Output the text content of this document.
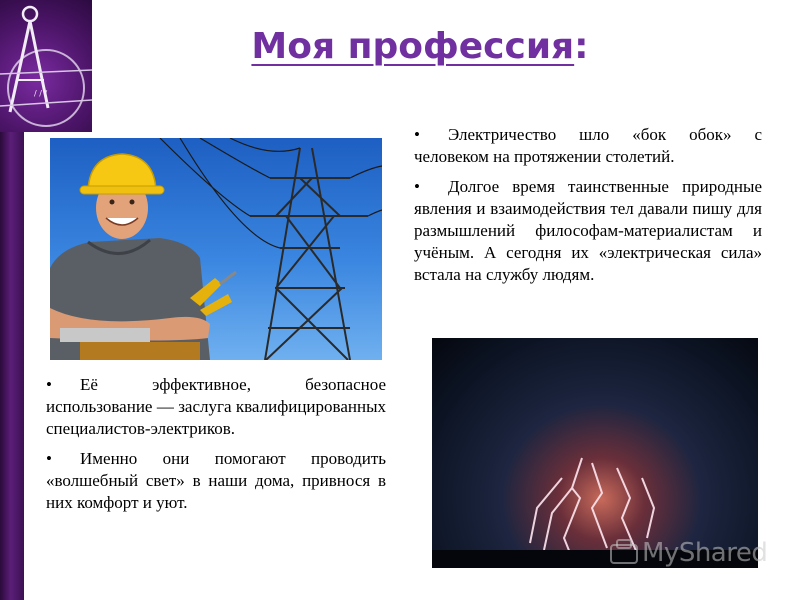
/ / /
Моя профессия:

• Электричество шло «бок обок» с человеком на протяжении столетий.

• Долгое время таинственные природные явления и взаимодействия тел давали пишу для размышлений философам-материалистам и учёным. А сегодня их «электрическая сила» встала на службу людям.

• Её эффективное, безопасное использование — заслуга квалифицированных специалистов-электриков.

• Именно они помогают проводить «волшебный свет» в наши дома, привнося в них комфорт и уют.

MyShared
